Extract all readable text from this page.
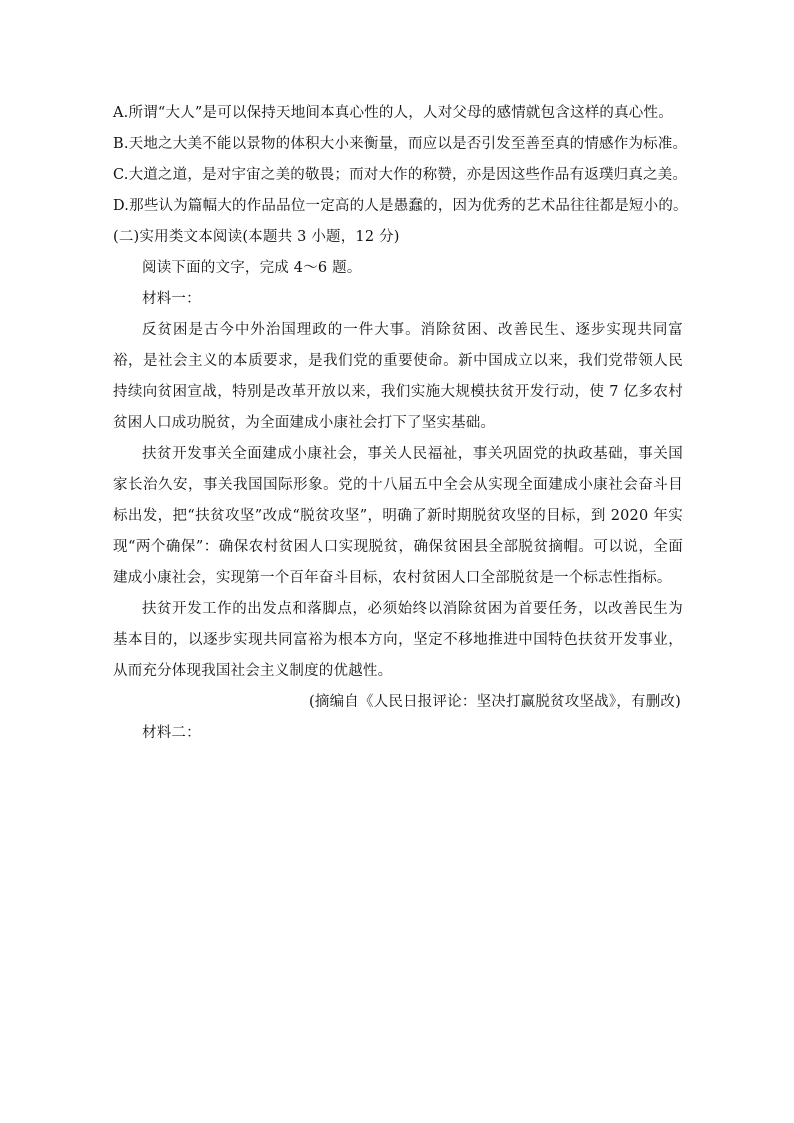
A.所谓“大人”是可以保持天地间本真心性的人，人对父母的感情就包含这样的真心性。

B.天地之大美不能以景物的体积大小来衡量，而应以是否引发至善至真的情感作为标准。

C.大道之道，是对宇宙之美的敬畏；而对大作的称赞，亦是因这些作品有返璞归真之美。

D.那些认为篇幅大的作品品位一定高的人是愚蠢的，因为优秀的艺术品往往都是短小的。

(二)实用类文本阅读(本题共 3 小题，12 分)

阅读下面的文字，完成 4～6 题。

材料一：

反贫困是古今中外治国理政的一件大事。消除贫困、改善民生、逐步实现共同富裕，是社会主义的本质要求，是我们党的重要使命。新中国成立以来，我们党带领人民持续向贫困宣战，特别是改革开放以来，我们实施大规模扶贫开发行动，使 7 亿多农村贫困人口成功脱贫，为全面建成小康社会打下了坚实基础。

扶贫开发事关全面建成小康社会，事关人民福祉，事关巩固党的执政基础，事关国家长治久安，事关我国国际形象。党的十八届五中全会从实现全面建成小康社会奋斗目标出发，把“扶贫攻坚”改成“脱贫攻坚”，明确了新时期脱贫攻坚的目标，到 2020 年实现“两个确保”：确保农村贫困人口实现脱贫，确保贫困县全部脱贫摘帽。可以说，全面建成小康社会，实现第一个百年奋斗目标，农村贫困人口全部脱贫是一个标志性指标。

扶贫开发工作的出发点和落脚点，必须始终以消除贫困为首要任务，以改善民生为基本目的，以逐步实现共同富裕为根本方向，坚定不移地推进中国特色扶贫开发事业，从而充分体现我国社会主义制度的优越性。

(摘编自《人民日报评论：坚决打赢脱贫攻坚战》，有删改)

材料二：
